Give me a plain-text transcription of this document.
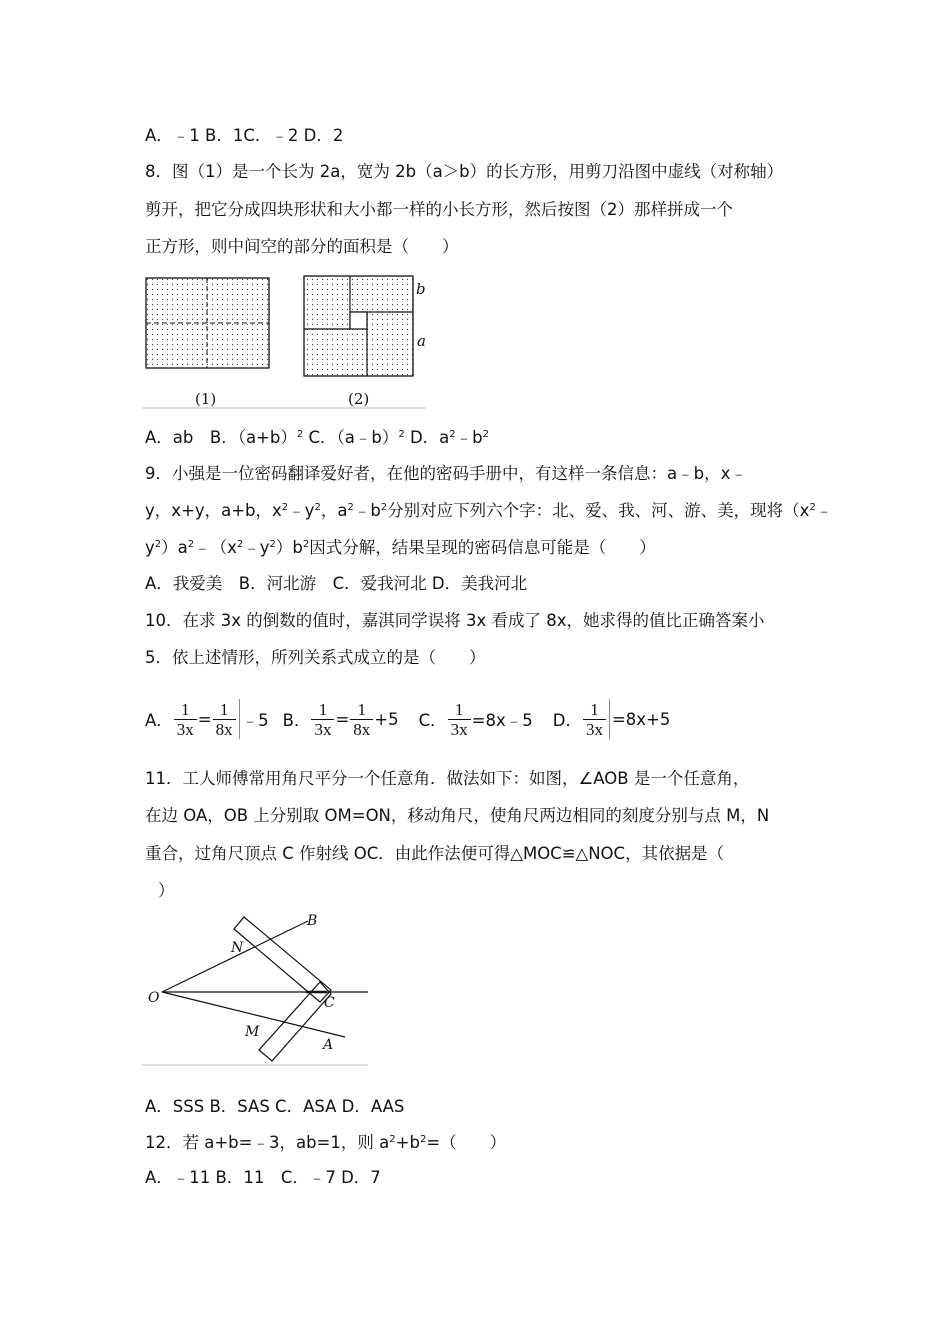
A．﹣1 B．1C．﹣2 D．2
8．图（1）是一个长为 2a，宽为 2b（a＞b）的长方形，用剪刀沿图中虚线（对称轴）
剪开，把它分成四块形状和大小都一样的小长方形，然后按图（2）那样拼成一个
正方形，则中间空的部分的面积是（　　）
b
a
(1)	(2)
A．ab　B．$(a+b)^2$ C．（a﹣b）$^2$ D．$a^2﹣b^2$
9．小强是一位密码翻译爱好者，在他的密码手册中，有这样一条信息：a﹣b，x﹣
y，x+y，a+b，$x^2﹣y^2$，$a^2﹣b^2$分别对应下列六个字：北、爱、我、河、游、美，现将（$x^2﹣$
$y^2)a^2﹣(x^2﹣y^2)b^2$因式分解，结果呈现的密码信息可能是（　　）
A．我爱美　B．河北游　C．爱我河北 D．美我河北
10．在求 3x 的倒数的值时，嘉淇同学误将 3x 看成了 8x，她求得的值比正确答案小
5．依上述情形，所列关系式成立的是（　　）
A． $\frac{1}{3x} = \frac{1}{8x}$ ﹣5 B． $\frac{1}{3x} = \frac{1}{8x} +5$ C． $\frac{1}{3x}$ =8x﹣5 D． $\frac{1}{3x} =8x+5$
11．工人师傅常用角尺平分一个任意角．做法如下：如图，∠AOB 是一个任意角，
在边 OA，OB 上分别取 OM=ON，移动角尺，使角尺两边相同的刻度分别与点 M，N
重合，过角尺顶点 C 作射线 OC．由此作法便可得△MOC≌△NOC，其依据是（
）
B
N
O	C
M
A
A．SSS B．SAS C．ASA D．AAS
12．若 a+b=﹣3，ab=1，则 $a^2+b^2=$（　　）
A．﹣11 B．11　C．﹣7 D．7
